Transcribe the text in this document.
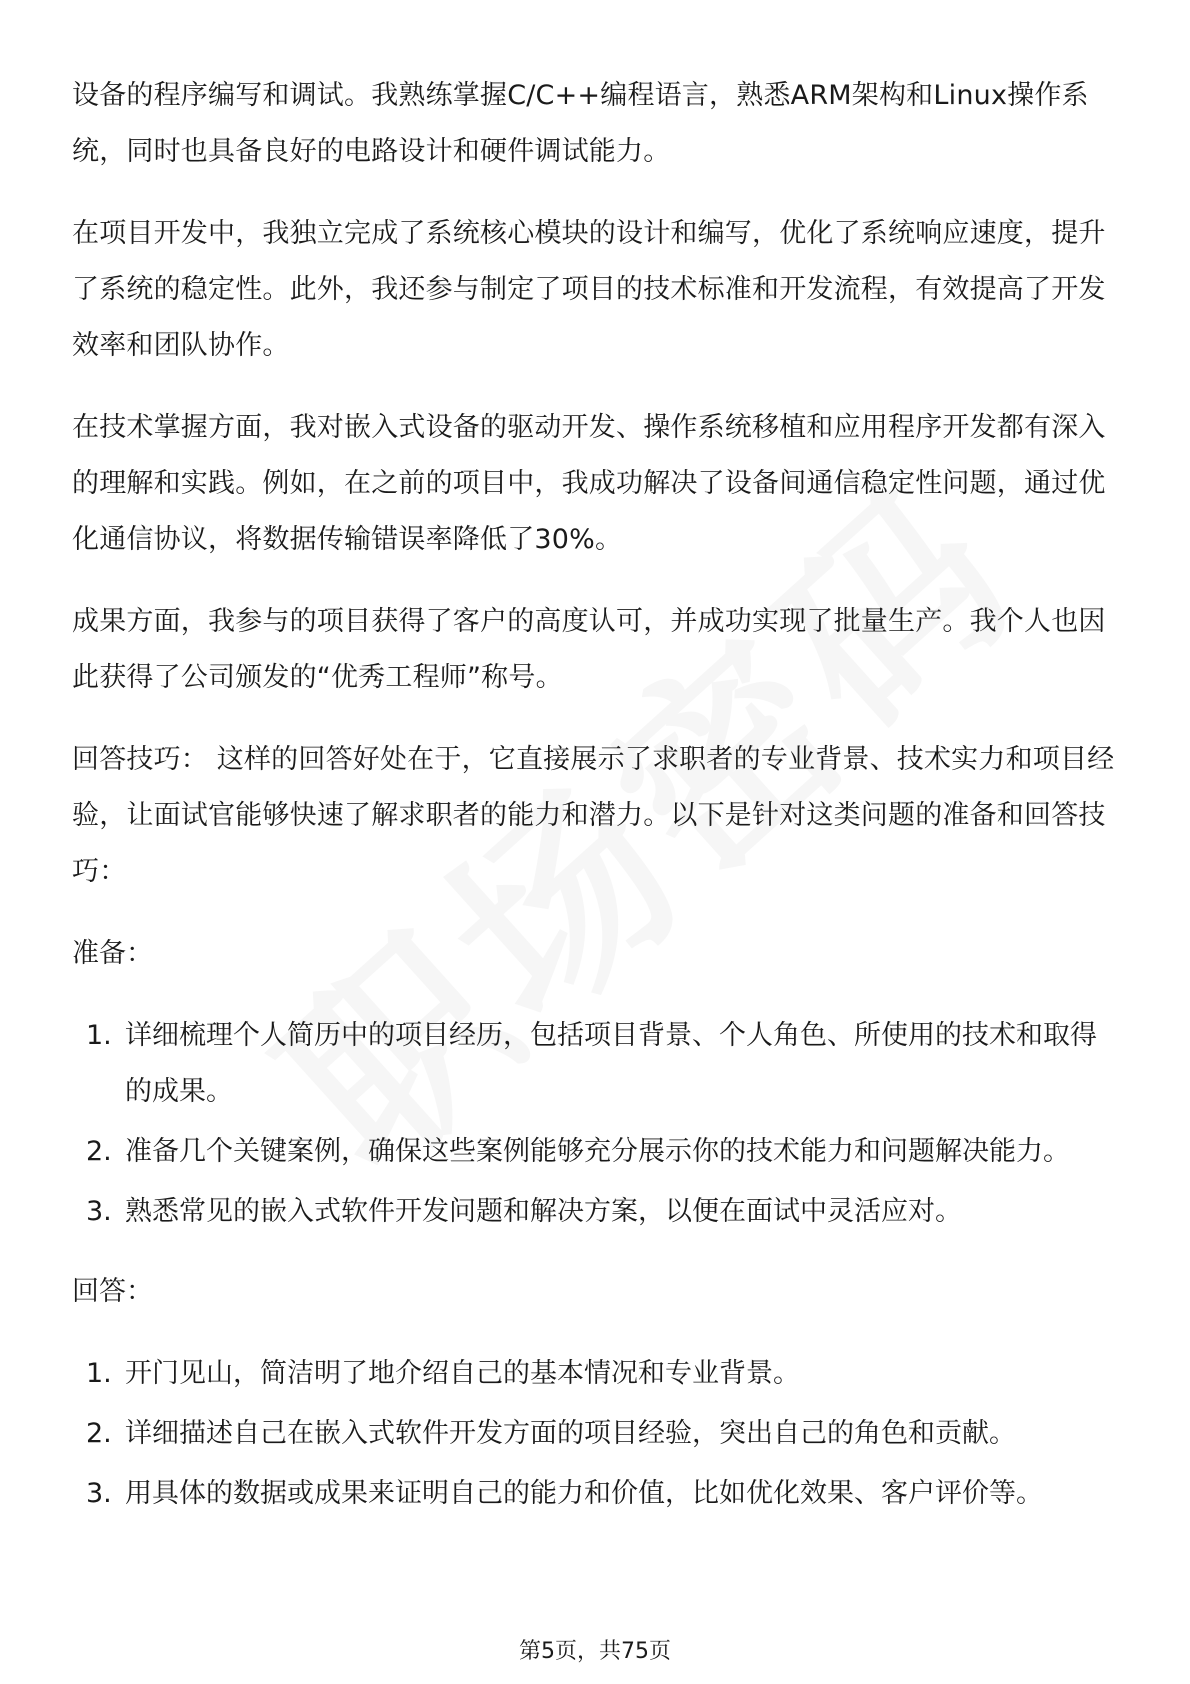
设备的程序编写和调试。我熟练掌握C/C++编程语言，熟悉ARM架构和Linux操作系统，同时也具备良好的电路设计和硬件调试能力。

在项目开发中，我独立完成了系统核心模块的设计和编写，优化了系统响应速度，提升了系统的稳定性。此外，我还参与制定了项目的技术标准和开发流程，有效提高了开发效率和团队协作。

在技术掌握方面，我对嵌入式设备的驱动开发、操作系统移植和应用程序开发都有深入的理解和实践。例如，在之前的项目中，我成功解决了设备间通信稳定性问题，通过优化通信协议，将数据传输错误率降低了30%。

成果方面，我参与的项目获得了客户的高度认可，并成功实现了批量生产。我个人也因此获得了公司颁发的“优秀工程师”称号。

回答技巧： 这样的回答好处在于，它直接展示了求职者的专业背景、技术实力和项目经验，让面试官能够快速了解求职者的能力和潜力。以下是针对这类问题的准备和回答技巧：

准备：

1. 详细梳理个人简历中的项目经历，包括项目背景、个人角色、所使用的技术和取得的成果。
2. 准备几个关键案例，确保这些案例能够充分展示你的技术能力和问题解决能力。
3. 熟悉常见的嵌入式软件开发问题和解决方案，以便在面试中灵活应对。

回答：

1. 开门见山，简洁明了地介绍自己的基本情况和专业背景。
2. 详细描述自己在嵌入式软件开发方面的项目经验，突出自己的角色和贡献。
3. 用具体的数据或成果来证明自己的能力和价值，比如优化效果、客户评价等。
第5页，共75页
